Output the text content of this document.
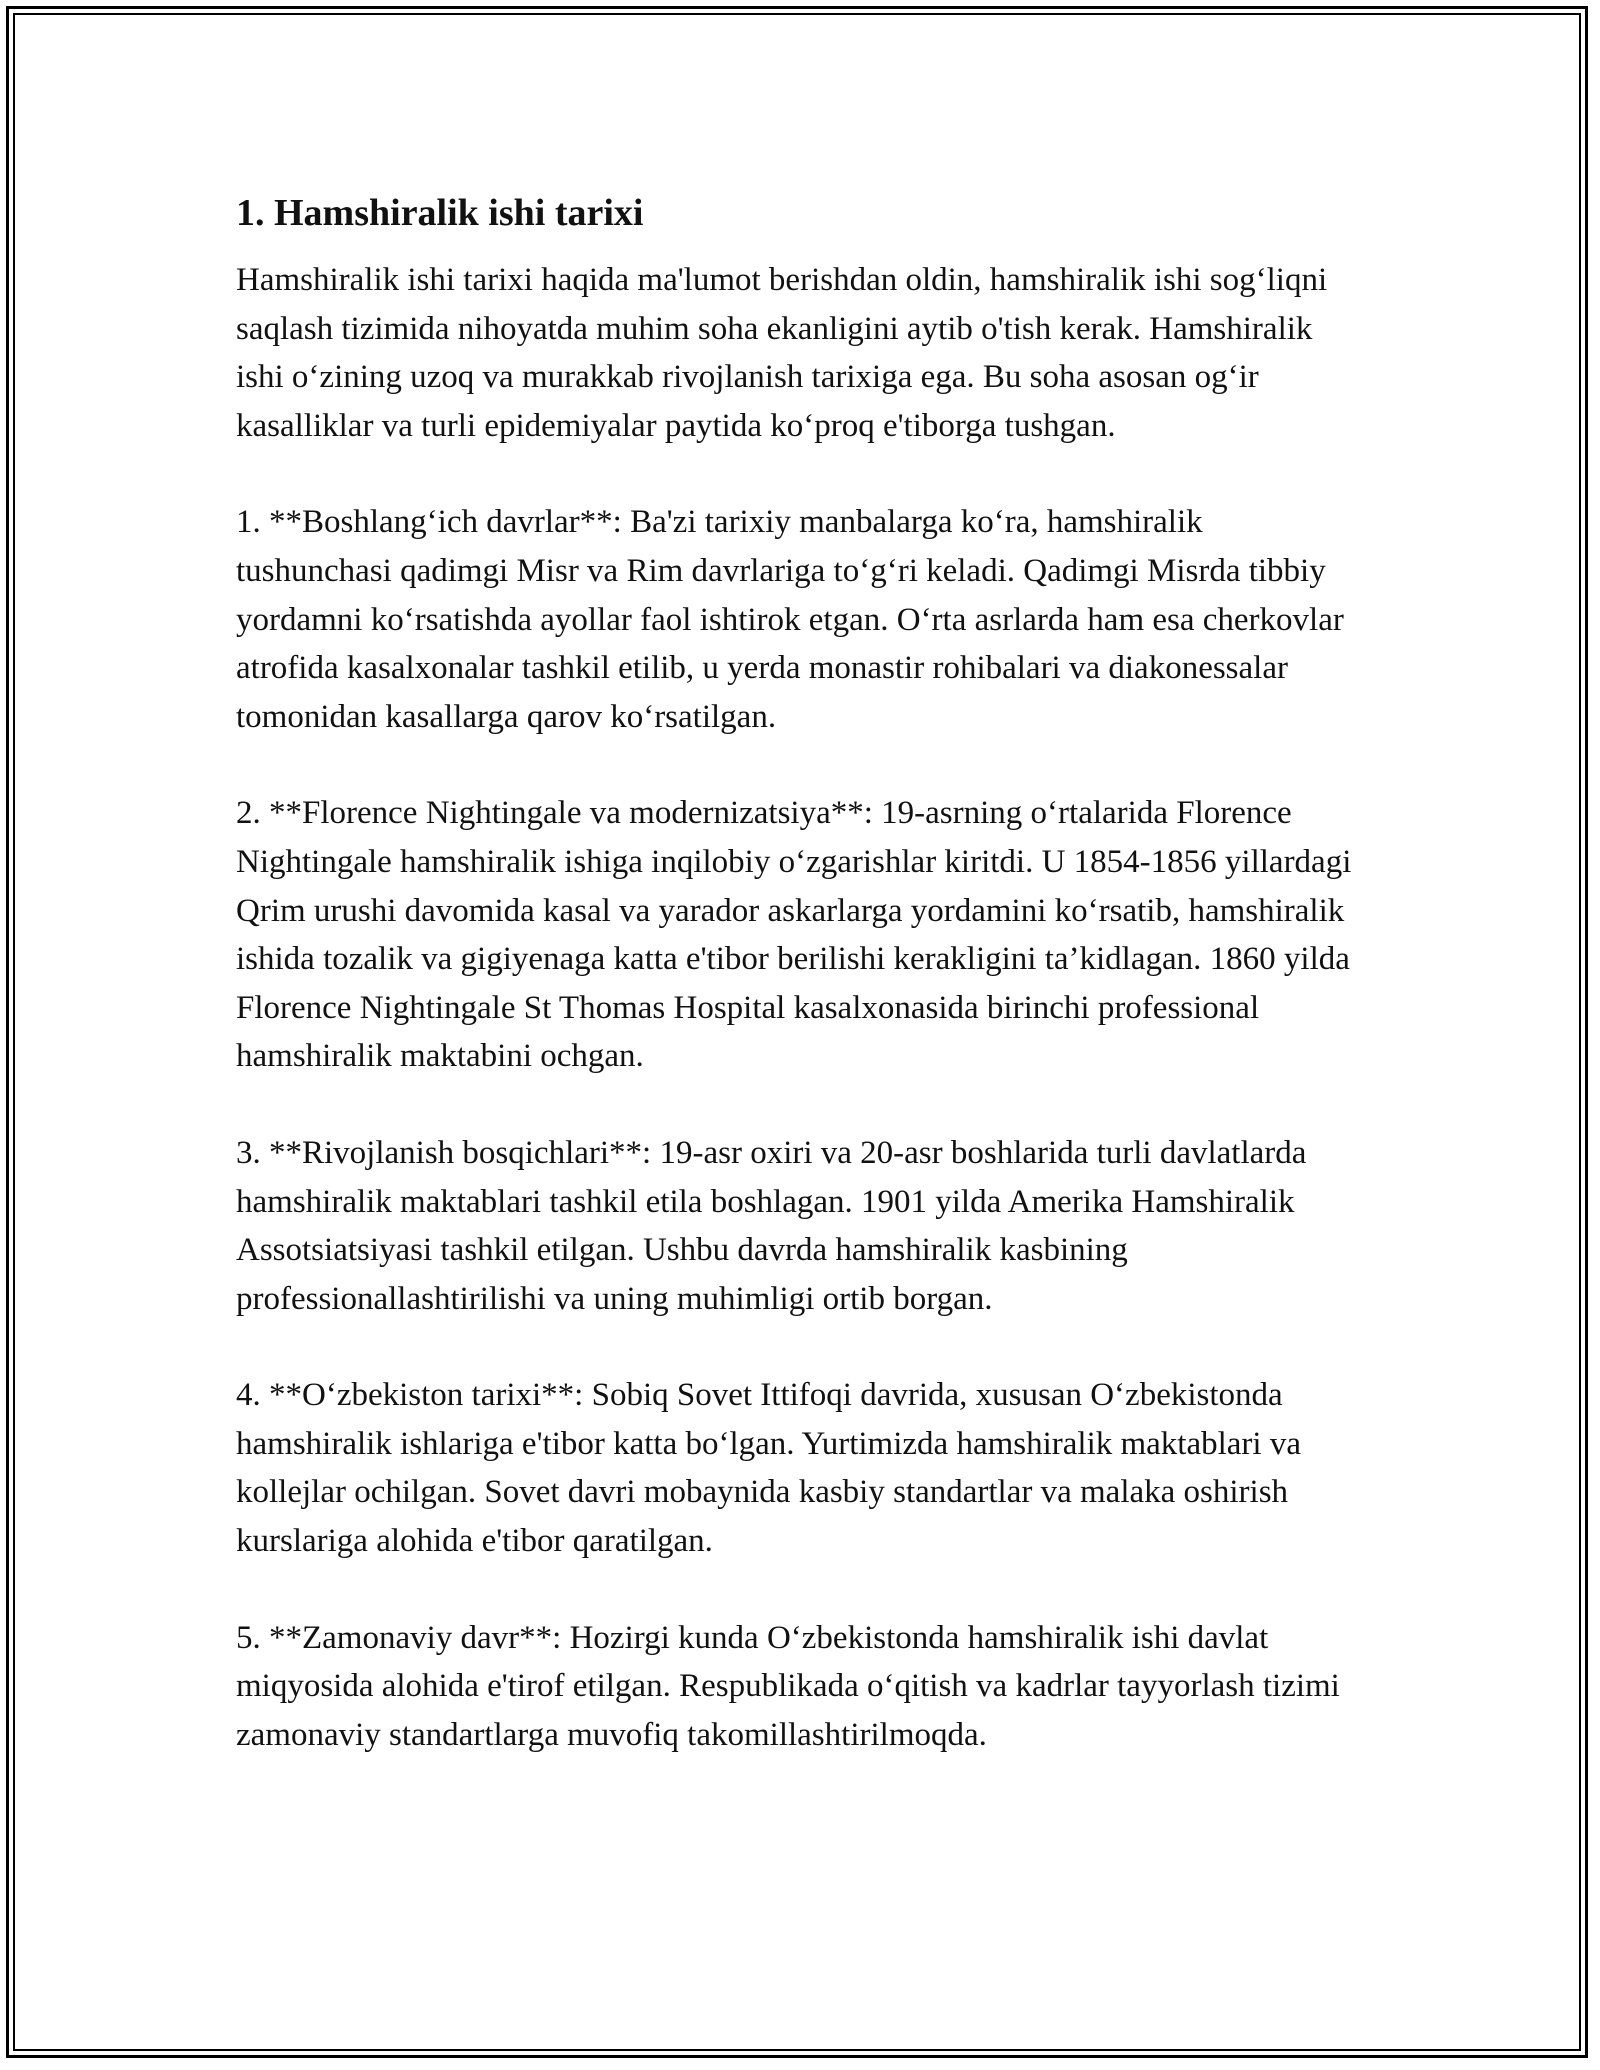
1. Hamshiralik ishi tarixi

Hamshiralik ishi tarixi haqida ma'lumot berishdan oldin, hamshiralik ishi sog‘liqni saqlash tizimida nihoyatda muhim soha ekanligini aytib o'tish kerak. Hamshiralik ishi o‘zining uzoq va murakkab rivojlanish tarixiga ega. Bu soha asosan og‘ir kasalliklar va turli epidemiyalar paytida ko‘proq e'tiborga tushgan.

1. **Boshlang‘ich davrlar**: Ba'zi tarixiy manbalarga ko‘ra, hamshiralik tushunchasi qadimgi Misr va Rim davrlariga to‘g‘ri keladi. Qadimgi Misrda tibbiy yordamni ko‘rsatishda ayollar faol ishtirok etgan. O‘rta asrlarda ham esa cherkovlar atrofida kasalxonalar tashkil etilib, u yerda monastir rohibalari va diakonessalar tomonidan kasallarga qarov ko‘rsatilgan.

2. **Florence Nightingale va modernizatsiya**: 19-asrning o‘rtalarida Florence Nightingale hamshiralik ishiga inqilobiy o‘zgarishlar kiritdi. U 1854-1856 yillardagi Qrim urushi davomida kasal va yarador askarlarga yordamini ko‘rsatib, hamshiralik ishida tozalik va gigiyenaga katta e'tibor berilishi kerakligini ta’kidlagan. 1860 yilda Florence Nightingale St Thomas Hospital kasalxonasida birinchi professional hamshiralik maktabini ochgan.

3. **Rivojlanish bosqichlari**: 19-asr oxiri va 20-asr boshlarida turli davlatlarda hamshiralik maktablari tashkil etila boshlagan. 1901 yilda Amerika Hamshiralik Assotsiatsiyasi tashkil etilgan. Ushbu davrda hamshiralik kasbining professionallashtirilishi va uning muhimligi ortib borgan.

4. **O‘zbekiston tarixi**: Sobiq Sovet Ittifoqi davrida, xususan O‘zbekistonda hamshiralik ishlariga e'tibor katta bo‘lgan. Yurtimizda hamshiralik maktablari va kollejlar ochilgan. Sovet davri mobaynida kasbiy standartlar va malaka oshirish kurslariga alohida e'tibor qaratilgan.

5. **Zamonaviy davr**: Hozirgi kunda O‘zbekistonda hamshiralik ishi davlat miqyosida alohida e'tirof etilgan. Respublikada o‘qitish va kadrlar tayyorlash tizimi zamonaviy standartlarga muvofiq takomillashtirilmoqda.
